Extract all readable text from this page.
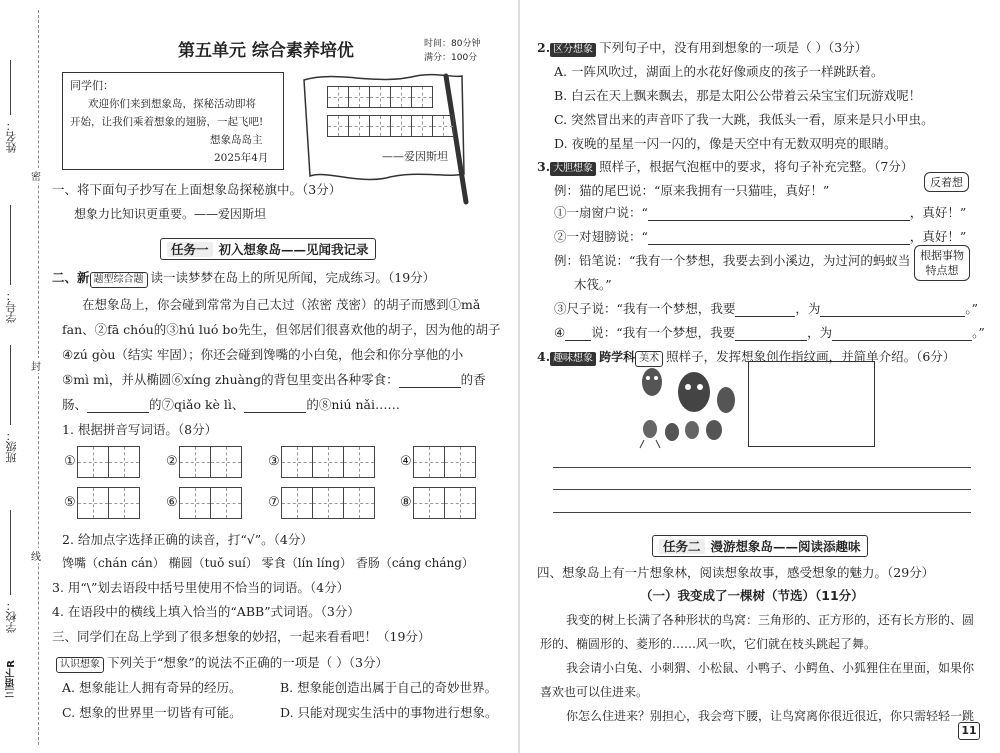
姓名：
学号：
班级：
学校：
密
封
线
三语下R
第五单元 综合素养培优	时间：80分钟
满分：100分
同学们：
欢迎你们来到想象岛，探秘活动即将
开始，让我们乘着想象的翅膀，一起飞吧!
想象岛岛主
2025年4月	——爱因斯坦
一、将下面句子抄写在上面想象岛探秘旗中。（3分）
想象力比知识更重要。——爱因斯坦
任务一 初入想象岛——见闻我记录
二、新 题型综合题 读一读梦梦在岛上的所见所闻，完成练习。（19分）
在想象岛上，你会碰到常常为自己太过（浓密 茂密）的胡子而感到①mǎ
fan、②fā chóu的③hú luó bo先生，但邻居们很喜欢他的胡子，因为他的胡子
④zú gòu（结实 牢固）；你还会碰到馋嘴的小白兔，他会和你分享他的小
⑤mì mì，并从椭圆⑥xíng zhuàng的背包里变出各种零食：	的香
肠、	的⑦qiǎo kè lì、	的⑧niú nǎi……
1. 根据拼音写词语。（8分）
①	②	③	④
⑤	⑥	⑦	⑧
2. 给加点字选择正确的读音，打“√”。（4分）
馋嘴（chán cán） 椭圆（tuǒ suí） 零食（lín líng） 香肠（cáng cháng）
3. 用“\”划去语段中括号里使用不恰当的词语。（4分）
4. 在语段中的横线上填入恰当的“ABB”式词语。（3分）
三、同学们在岛上学到了很多想象的妙招，一起来看看吧！（19分）
认识想象 下列关于“想象”的说法不正确的一项是（ ）（3分）
A. 想象能让人拥有奇异的经历。	B. 想象能创造出属于自己的奇妙世界。
C. 想象的世界里一切皆有可能。	D. 只能对现实生活中的事物进行想象。
2. 区分想象 下列句子中，没有用到想象的一项是（ ）（3分）
A. 一阵风吹过，湖面上的水花好像顽皮的孩子一样跳跃着。
B. 白云在天上飘来飘去，那是太阳公公带着云朵宝宝们玩游戏呢！
C. 突然冒出来的声音吓了我一大跳，我低头一看，原来是只小甲虫。
D. 夜晚的星星一闪一闪的，像是天空中有无数双明亮的眼睛。
3. 大胆想象 照样子，根据气泡框中的要求，将句子补充完整。（7分）
例：猫的尾巴说：“原来我拥有一只猫哇，真好！”
反着想
①一扇窗户说：“	，真好！”
②一对翅膀说：“	，真好！”
例：铅笔说：“我有一个梦想，我要去到小溪边，为过河的蚂蚁当
木筏。”
根据事物
特点想
③尺子说：“我有一个梦想，我要	，为	。”
④ 说：“我有一个梦想，我要	，为	。”
4. 趣味想象 跨学科 美术 照样子，发挥想象创作指纹画，并简单介绍。（6分）
任务二 漫游想象岛——阅读添趣味
四、想象岛上有一片想象林，阅读想象故事，感受想象的魅力。（29分）
（一）我变成了一棵树（节选）（11分）
我变的树上长满了各种形状的鸟窝：三角形的、正方形的，还有长方形的、圆
形的、椭圆形的、菱形的……风一吹，它们就在枝头跳起了舞。
我会请小白兔、小刺猬、小松鼠、小鸭子、小鳄鱼、小狐狸住在里面，如果你
喜欢也可以住进来。
你怎么住进来？别担心，我会弯下腰，让鸟窝离你很近很近，你只需轻轻一跳
11
